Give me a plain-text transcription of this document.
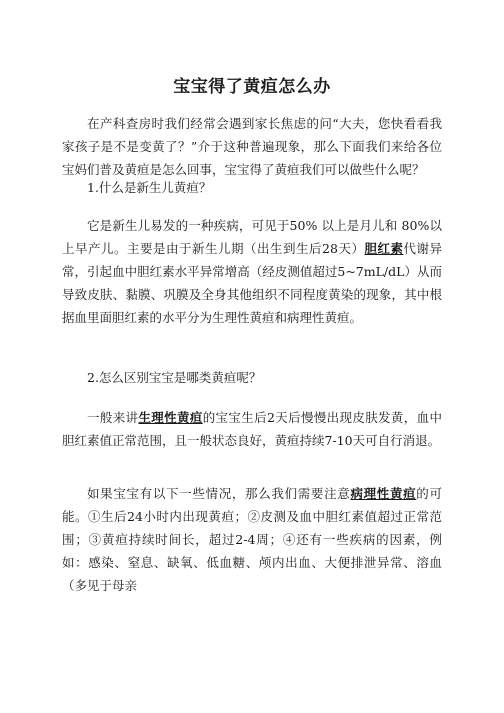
宝宝得了黄疸怎么办

在产科查房时我们经常会遇到家长焦虑的问“大夫，您快看看我家孩子是不是变黄了？”介于这种普遍现象，那么下面我们来给各位宝妈们普及黄疸是怎么回事，宝宝得了黄疸我们可以做些什么呢？

1.什么是新生儿黄疸？

它是新生儿易发的一种疾病，可见于50% 以上是月儿和 80%以上早产儿。主要是由于新生儿期（出生到生后28天）胆红素代谢异常，引起血中胆红素水平异常增高（经皮测值超过5~7mL/dL）从而导致皮肤、黏膜、巩膜及全身其他组织不同程度黄染的现象，其中根据血里面胆红素的水平分为生理性黄疸和病理性黄疸。

2.怎么区别宝宝是哪类黄疸呢？

一般来讲生理性黄疸的宝宝生后2天后慢慢出现皮肤发黄，血中胆红素值正常范围，且一般状态良好，黄疸持续7-10天可自行消退。

如果宝宝有以下一些情况，那么我们需要注意病理性黄疸的可能。①生后24小时内出现黄疸；②皮测及血中胆红素值超过正常范围；③黄疸持续时间长，超过2-4周；④还有一些疾病的因素，例如：感染、窒息、缺氧、低血糖、颅内出血、大便排泄异常、溶血（多见于母亲
